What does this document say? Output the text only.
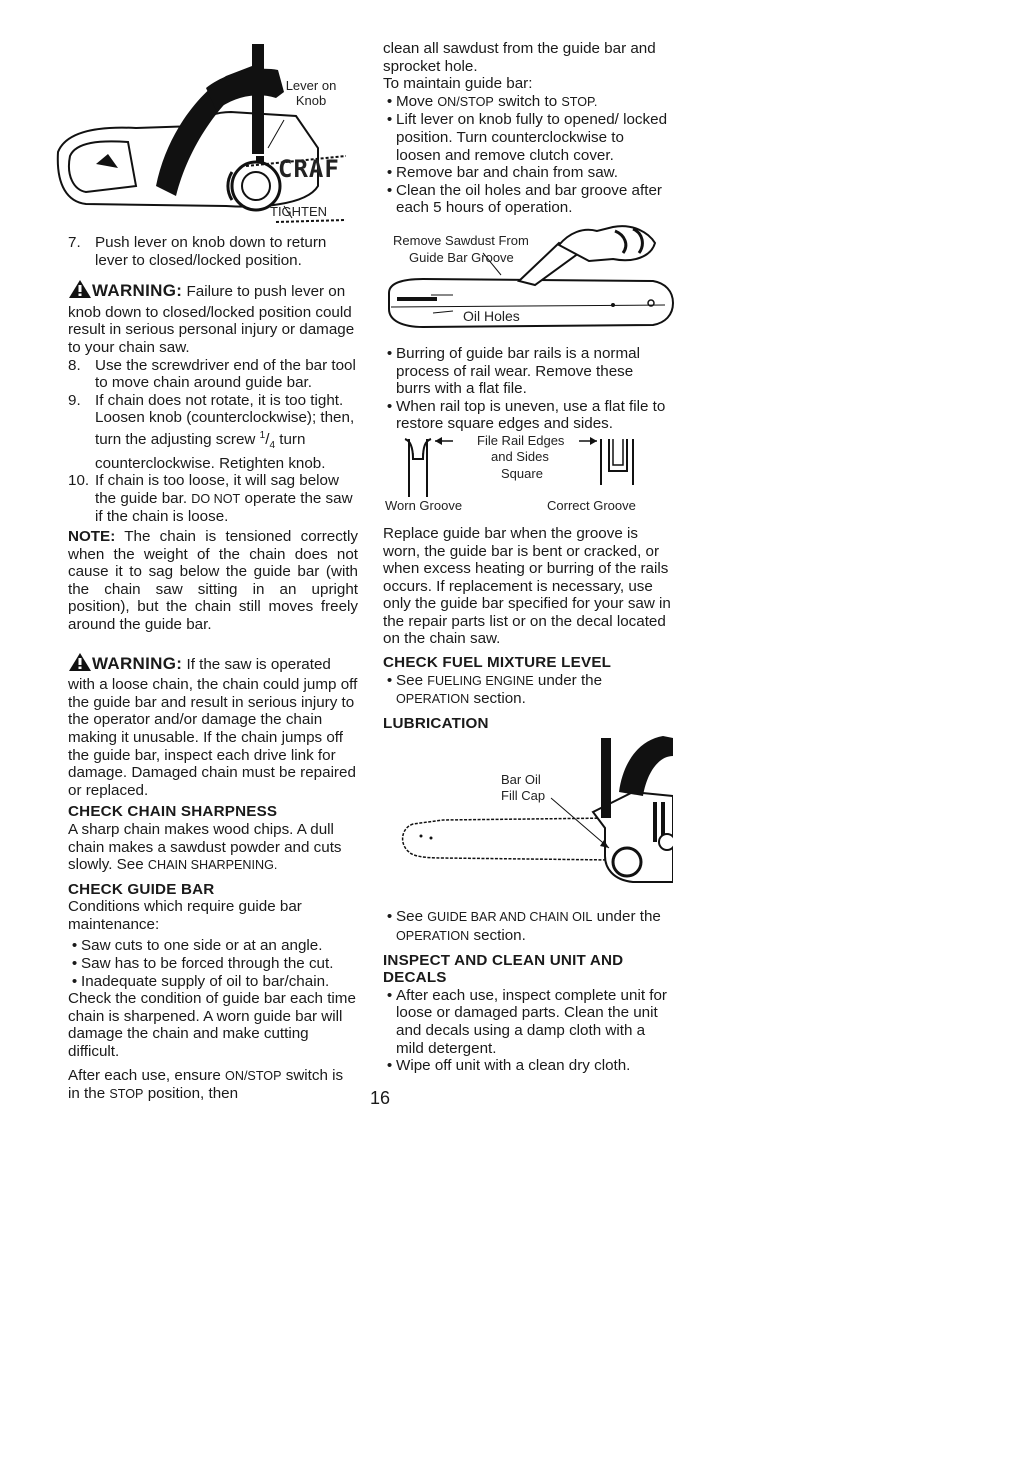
Lever on
Knob
CRAF
TIGHTEN
7. Push lever on knob down to return lever to closed/locked position.

WARNING: Failure to push lever on knob down to closed/locked position could result in serious personal injury or damage to your chain saw.

8. Use the screwdriver end of the bar tool to move chain around guide bar.
9. If chain does not rotate, it is too tight. Loosen knob (counterclockwise); then, turn the adjusting screw $^1/_4$ turn counterclockwise. Retighten knob.
10. If chain is too loose, it will sag below the guide bar. DO NOT operate the saw if the chain is loose.

NOTE: The chain is tensioned correctly when the weight of the chain does not cause it to sag below the guide bar (with the chain saw sitting in an upright position), but the chain still moves freely around the guide bar.

WARNING: If the saw is operated with a loose chain, the chain could jump off the guide bar and result in serious injury to the operator and/or damage the chain making it unusable. If the chain jumps off the guide bar, inspect each drive link for damage. Damaged chain must be repaired or replaced.

CHECK CHAIN SHARPNESS

A sharp chain makes wood chips. A dull chain makes a sawdust powder and cuts slowly. See CHAIN SHARPENING.

CHECK GUIDE BAR

Conditions which require guide bar maintenance:

• Saw cuts to one side or at an angle.
• Saw has to be forced through the cut.
• Inadequate supply of oil to bar/chain.

Check the condition of guide bar each time chain is sharpened. A worn guide bar will damage the chain and make cutting difficult.

After each use, ensure ON/STOP switch is in the STOP position, then

clean all sawdust from the guide bar and sprocket hole.

To maintain guide bar:

• Move ON/STOP switch to STOP.
• Lift lever on knob fully to opened/ locked position. Turn counterclockwise to loosen and remove clutch cover.
• Remove bar and chain from saw.
• Clean the oil holes and bar groove after each 5 hours of operation.
Remove Sawdust From
Guide Bar Groove
Oil Holes
• Burring of guide bar rails is a normal process of rail wear. Remove these burrs with a flat file.
• When rail top is uneven, use a flat file to restore square edges and sides.
File Rail Edges
and Sides
Square
Worn Groove	Correct Groove

Replace guide bar when the groove is worn, the guide bar is bent or cracked, or when excess heating or burring of the rails occurs. If replacement is necessary, use only the guide bar specified for your saw in the repair parts list or on the decal located on the chain saw.

CHECK FUEL MIXTURE LEVEL
• See FUELING ENGINE under the OPERATION section.
LUBRICATION
Bar Oil
Fill Cap
• See GUIDE BAR AND CHAIN OIL under the OPERATION section.
INSPECT AND CLEAN UNIT AND
DECALS
• After each use, inspect complete unit for loose or damaged parts. Clean the unit and decals using a damp cloth with a mild detergent.
• Wipe off unit with a clean dry cloth.
16
